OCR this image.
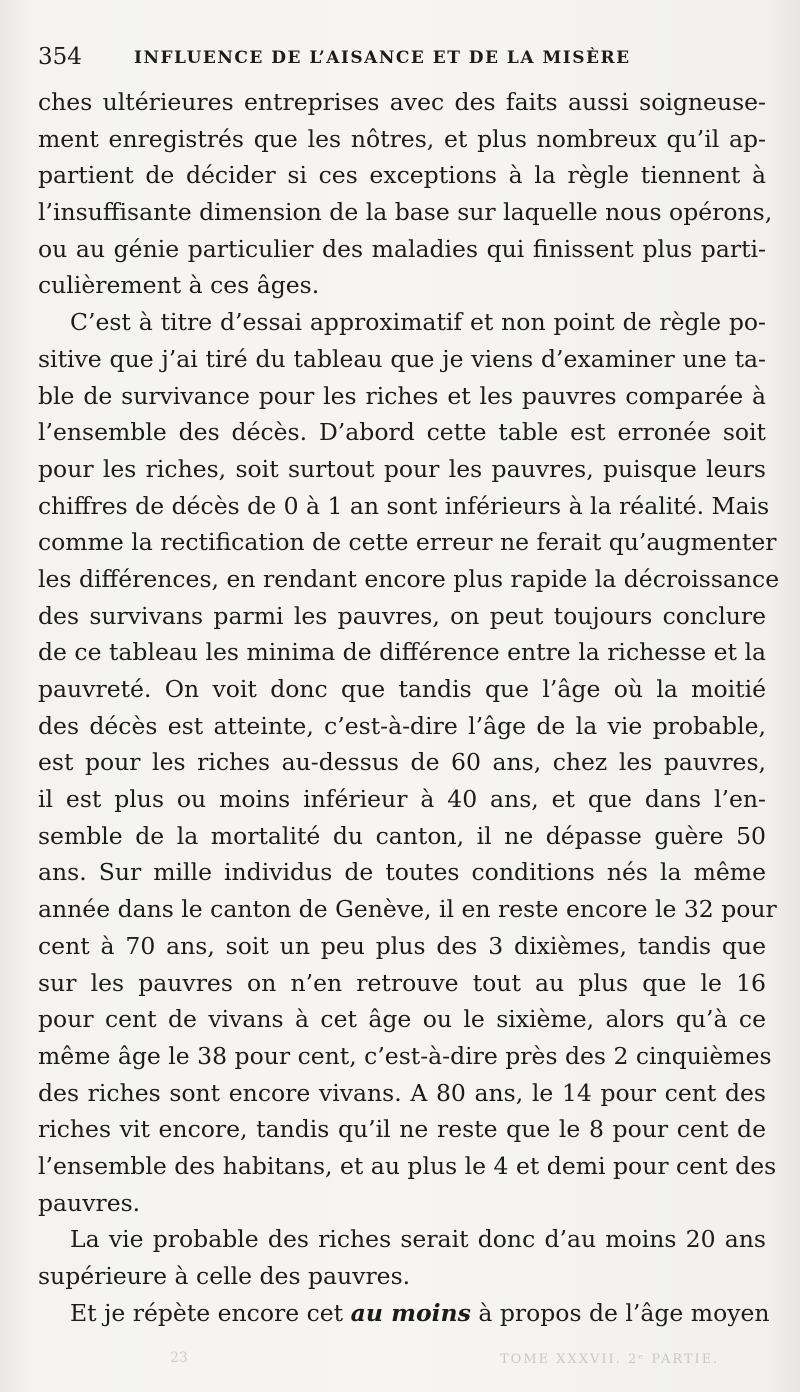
354	INFLUENCE DE L’AISANCE ET DE LA MISÈRE
ches ultérieures entreprises avec des faits aussi soigneuse-
ment enregistrés que les nôtres, et plus nombreux qu’il ap-
partient de décider si ces exceptions à la règle tiennent à
l’insuffisante dimension de la base sur laquelle nous opérons,
ou au génie particulier des maladies qui finissent plus parti-
culièrement à ces âges.
C’est à titre d’essai approximatif et non point de règle po-
sitive que j’ai tiré du tableau que je viens d’examiner une ta-
ble de survivance pour les riches et les pauvres comparée à
l’ensemble des décès. D’abord cette table est erronée soit
pour les riches, soit surtout pour les pauvres, puisque leurs
chiffres de décès de 0 à 1 an sont inférieurs à la réalité. Mais
comme la rectification de cette erreur ne ferait qu’augmenter
les différences, en rendant encore plus rapide la décroissance
des survivans parmi les pauvres, on peut toujours conclure
de ce tableau les minima de différence entre la richesse et la
pauvreté. On voit donc que tandis que l’âge où la moitié
des décès est atteinte, c’est-à-dire l’âge de la vie probable,
est pour les riches au-dessus de 60 ans, chez les pauvres,
il est plus ou moins inférieur à 40 ans, et que dans l’en-
semble de la mortalité du canton, il ne dépasse guère 50
ans. Sur mille individus de toutes conditions nés la même
année dans le canton de Genève, il en reste encore le 32 pour
cent à 70 ans, soit un peu plus des 3 dixièmes, tandis que
sur les pauvres on n’en retrouve tout au plus que le 16
pour cent de vivans à cet âge ou le sixième, alors qu’à ce
même âge le 38 pour cent, c’est-à-dire près des 2 cinquièmes
des riches sont encore vivans. A 80 ans, le 14 pour cent des
riches vit encore, tandis qu’il ne reste que le 8 pour cent de
l’ensemble des habitans, et au plus le 4 et demi pour cent des
pauvres.
La vie probable des riches serait donc d’au moins 20 ans
supérieure à celle des pauvres.
Et je répète encore cet au moins à propos de l’âge moyen
TOME XXXVII. 2ᵉ PARTIE.
23
